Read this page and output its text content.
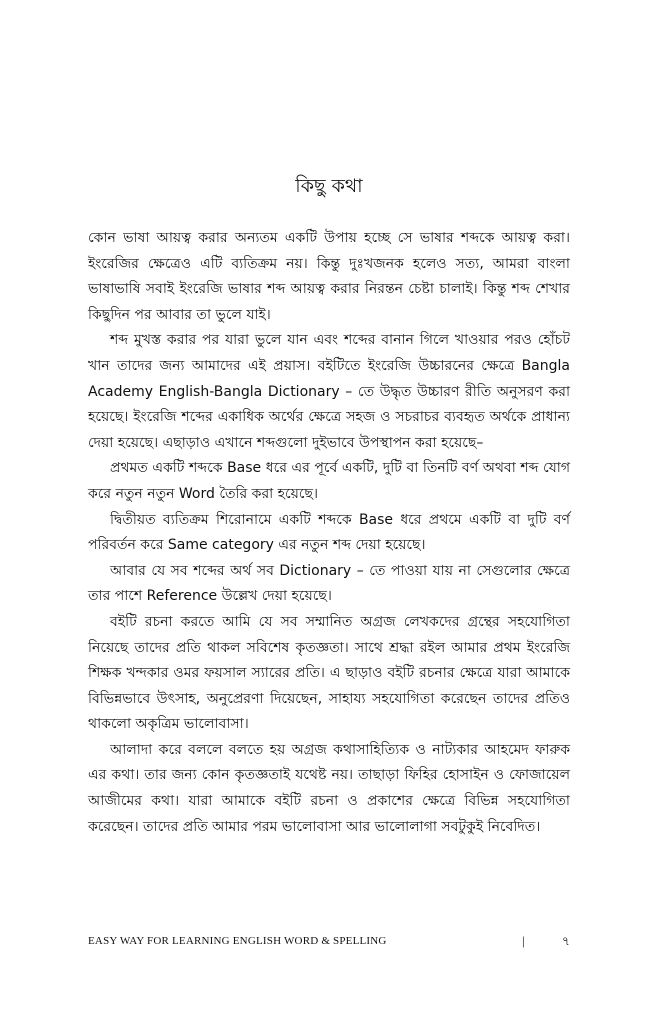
কিছু কথা

কোন ভাষা আয়ত্ব করার অন্যতম একটি উপায় হচ্ছে সে ভাষার শব্দকে আয়ত্ব করা। ইংরেজির ক্ষেত্রেও এটি ব্যতিক্রম নয়। কিন্তু দুঃখজনক হলেও সত্য, আমরা বাংলা ভাষাভাষি সবাই ইংরেজি ভাষার শব্দ আয়ত্ব করার নিরন্তন চেষ্টা চালাই। কিন্তু শব্দ শেখার কিছুদিন পর আবার তা ভুলে যাই।

শব্দ মুখস্ত করার পর যারা ভুলে যান এবং শব্দের বানান গিলে খাওয়ার পরও হোঁচট খান তাদের জন্য আমাদের এই প্রয়াস। বইটিতে ইংরেজি উচ্চারনের ক্ষেত্রে Bangla Academy English-Bangla Dictionary – তে উদ্ধৃত উচ্চারণ রীতি অনুসরণ করা হয়েছে। ইংরেজি শব্দের একাধিক অর্থের ক্ষেত্রে সহজ ও সচরাচর ব্যবহৃত অর্থকে প্রাধান্য দেয়া হয়েছে। এছাড়াও এখানে শব্দগুলো দুইভাবে উপস্থাপন করা হয়েছে–

প্রথমত একটি শব্দকে Base ধরে এর পূর্বে একটি, দুটি বা তিনটি বর্ণ অথবা শব্দ যোগ করে নতুন নতুন Word তৈরি করা হয়েছে।

দ্বিতীয়ত ব্যতিক্রম শিরোনামে একটি শব্দকে Base ধরে প্রথমে একটি বা দুটি বর্ণ পরিবর্তন করে Same category এর নতুন শব্দ দেয়া হয়েছে।

আবার যে সব শব্দের অর্থ সব Dictionary – তে পাওয়া যায় না সেগুলোর ক্ষেত্রে তার পাশে Reference উল্লেখ দেয়া হয়েছে।

বইটি রচনা করতে আমি যে সব সম্মানিত অগ্রজ লেখকদের গ্রন্থের সহযোগিতা নিয়েছে তাদের প্রতি থাকল সবিশেষ কৃতজ্ঞতা। সাথে শ্রদ্ধা রইল আমার প্রথম ইংরেজি শিক্ষক খন্দকার ওমর ফয়সাল স্যারের প্রতি। এ ছাড়াও বইটি রচনার ক্ষেত্রে যারা আমাকে বিভিন্নভাবে উৎসাহ, অনুপ্রেরণা দিয়েছেন, সাহায্য সহযোগিতা করেছেন তাদের প্রতিও থাকলো অকৃত্রিম ভালোবাসা।

আলাদা করে বললে বলতে হয় অগ্রজ কথাসাহিত্যিক ও নাট্যকার আহমেদ ফারুক এর কথা। তার জন্য কোন কৃতজ্ঞতাই যথেষ্ট নয়। তাছাড়া ফিহির হোসাইন ও ফোজায়েল আজীমের কথা। যারা আমাকে বইটি রচনা ও প্রকাশের ক্ষেত্রে বিভিন্ন সহযোগিতা করেছেন। তাদের প্রতি আমার পরম ভালোবাসা আর ভালোলাগা সবটুকুই নিবেদিত।

EASY WAY FOR LEARNING ENGLISH WORD & SPELLING	|	৭
